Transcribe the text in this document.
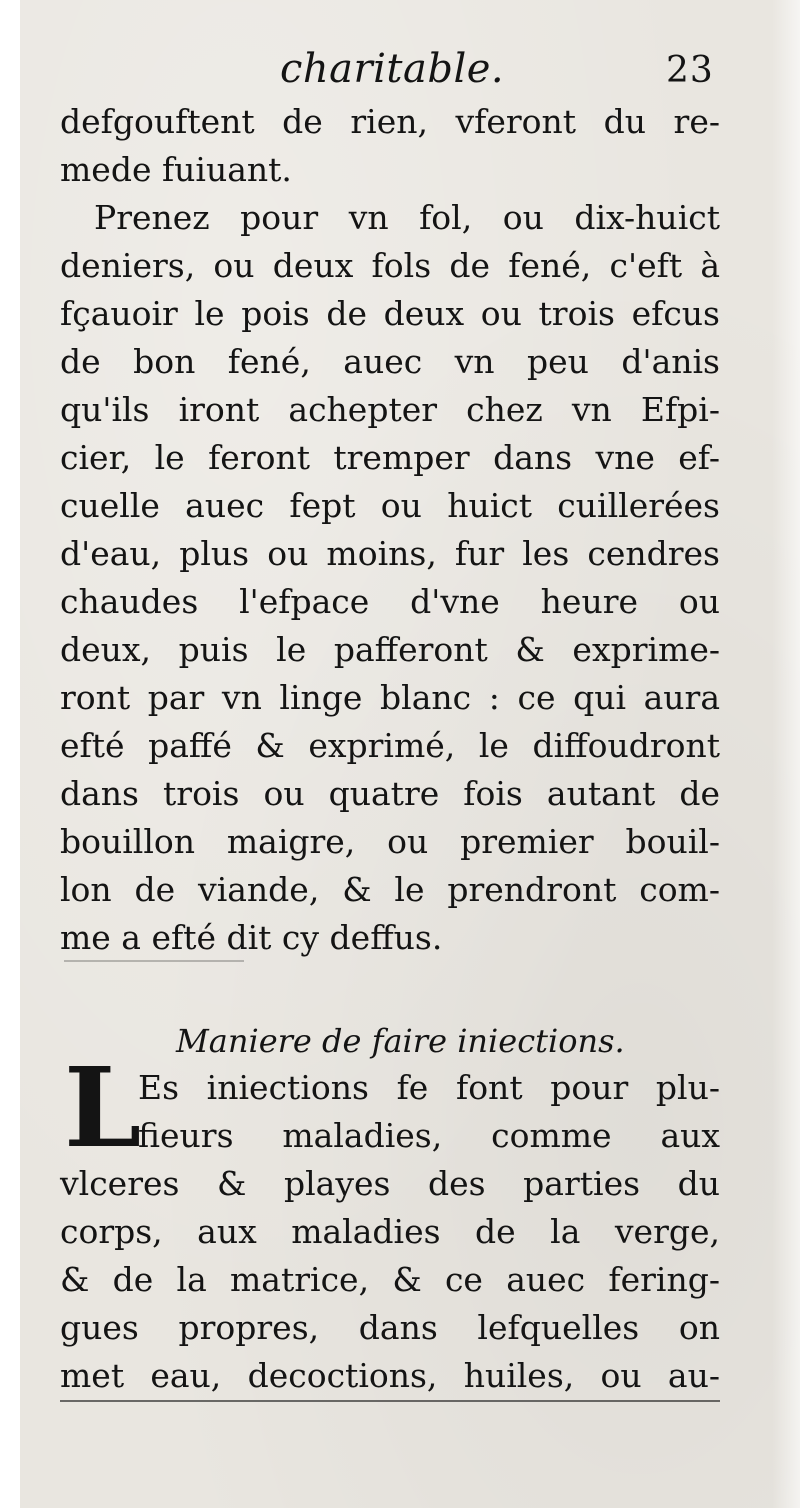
charitable.	23
defgouftent de rien, vferont du re-
mede fuiuant.
Prenez pour vn fol, ou dix-huict
deniers, ou deux fols de fené, c'eft à
fçauoir le pois de deux ou trois efcus
de bon fené, auec vn peu d'anis
qu'ils iront achepter chez vn Efpi-
cier, le feront tremper dans vne ef-
cuelle auec fept ou huict cuillerées
d'eau, plus ou moins, fur les cendres
chaudes l'efpace d'vne heure ou
deux, puis le pafferont & exprime-
ront par vn linge blanc : ce qui aura
efté paffé & exprimé, le diffoudront
dans trois ou quatre fois autant de
bouillon maigre, ou premier bouil-
lon de viande, & le prendront com-
me a efté dit cy deffus.
Maniere de faire iniections.
L
Es iniections fe font pour plu-
fieurs maladies, comme aux
vlceres & playes des parties du
corps, aux maladies de la verge,
& de la matrice, & ce auec fering-
gues propres, dans lefquelles on
met eau, decoctions, huiles, ou au-
